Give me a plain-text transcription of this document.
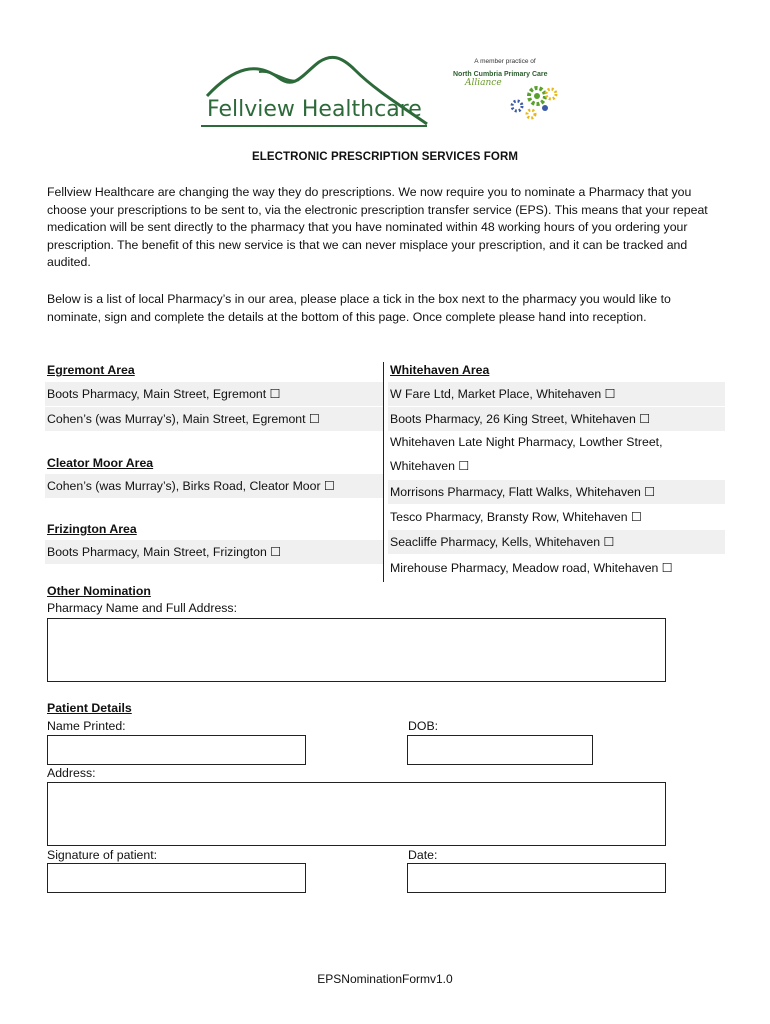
Fellview Healthcare
A member practice of
North Cumbria Primary Care
Alliance
ELECTRONIC PRESCRIPTION SERVICES FORM
Fellview Healthcare are changing the way they do prescriptions. We now require you to nominate a Pharmacy that you choose your prescriptions to be sent to, via the electronic prescription transfer service (EPS). This means that your repeat medication will be sent directly to the pharmacy that you have nominated within 48 working hours of you ordering your prescription. The benefit of this new service is that we can never misplace your prescription, and it can be tracked and audited.
Below is a list of local Pharmacy’s in our area, please place a tick in the box next to the pharmacy you would like to nominate, sign and complete the details at the bottom of this page. Once complete please hand into reception.
Egremont Area
Boots Pharmacy, Main Street, Egremont ☐
Cohen’s (was Murray’s), Main Street, Egremont ☐
Cleator Moor Area
Cohen’s (was Murray’s), Birks Road, Cleator Moor ☐
Frizington Area
Boots Pharmacy, Main Street, Frizington ☐
Whitehaven Area
W Fare Ltd, Market Place, Whitehaven ☐
Boots Pharmacy, 26 King Street, Whitehaven ☐
Whitehaven Late Night Pharmacy, Lowther Street,
Whitehaven ☐
Morrisons Pharmacy, Flatt Walks, Whitehaven ☐
Tesco Pharmacy, Bransty Row, Whitehaven ☐
Seacliffe Pharmacy, Kells, Whitehaven ☐
Mirehouse Pharmacy, Meadow road, Whitehaven ☐
Other Nomination
Pharmacy Name and Full Address:
Patient Details
Name Printed:	DOB:
Address:
Signature of patient:	Date:
EPSNominationFormv1.0
